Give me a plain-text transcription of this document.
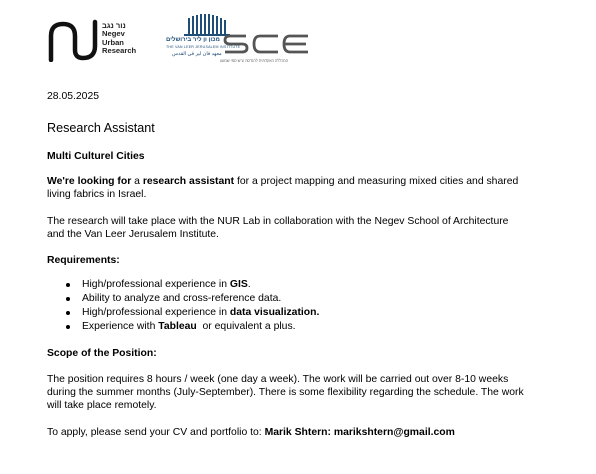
נור נגב
Negev
Urban
Research
מכון ון ליר בירושלים
THE VAN LEER JERUSALEM INSTITUTE
معهد فان لير في القدس
המכללה האקדמית להנדסה ע"ש סמי שמעון
28.05.2025
Research Assistant
Multi Culturel Cities
We're looking for a research assistant for a project mapping and measuring mixed cities and shared living fabrics in Israel.
The research will take place with the NUR Lab in collaboration with the Negev School of Architecture and the Van Leer Jerusalem Institute.
Requirements:
High/professional experience in GIS.
Ability to analyze and cross-reference data.
High/professional experience in data visualization.
Experience with Tableau  or equivalent a plus.
Scope of the Position:
The position requires 8 hours / week (one day a week). The work will be carried out over 8-10 weeks during the summer months (July-September). There is some flexibility regarding the schedule. The work will take place remotely.
To apply, please send your CV and portfolio to: Marik Shtern: marikshtern@gmail.com
